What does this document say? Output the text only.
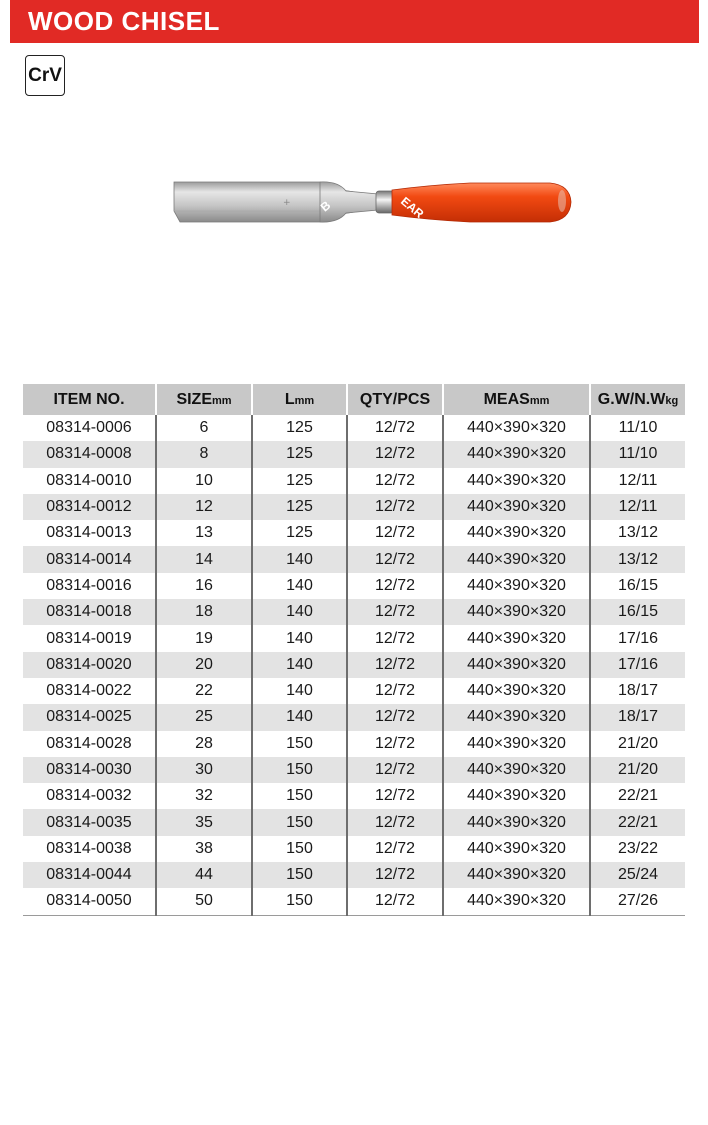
WOOD CHISEL
CrV
+ B	EAR
ITEM NO.	SIZEmm	Lmm	QTY/PCS	MEASmm	G.W/N.Wkg
08314-0006	6	125	12/72	440×390×320	11/10
08314-0008	8	125	12/72	440×390×320	11/10
08314-0010	10	125	12/72	440×390×320	12/11
08314-0012	12	125	12/72	440×390×320	12/11
08314-0013	13	125	12/72	440×390×320	13/12
08314-0014	14	140	12/72	440×390×320	13/12
08314-0016	16	140	12/72	440×390×320	16/15
08314-0018	18	140	12/72	440×390×320	16/15
08314-0019	19	140	12/72	440×390×320	17/16
08314-0020	20	140	12/72	440×390×320	17/16
08314-0022	22	140	12/72	440×390×320	18/17
08314-0025	25	140	12/72	440×390×320	18/17
08314-0028	28	150	12/72	440×390×320	21/20
08314-0030	30	150	12/72	440×390×320	21/20
08314-0032	32	150	12/72	440×390×320	22/21
08314-0035	35	150	12/72	440×390×320	22/21
08314-0038	38	150	12/72	440×390×320	23/22
08314-0044	44	150	12/72	440×390×320	25/24
08314-0050	50	150	12/72	440×390×320	27/26
